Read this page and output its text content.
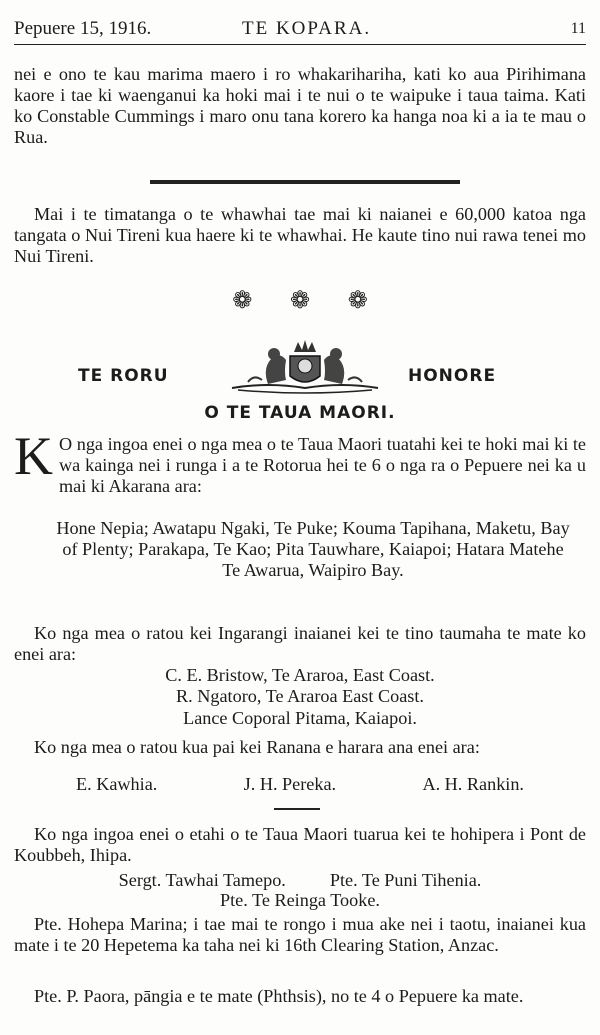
Pepuere 15, 1916.	TE KOPARA.	11
nei e ono te kau marima maero i ro whakarihariha, kati ko aua Pirihimana kaore i tae ki waenganui ka hoki mai i te nui o te waipuke i taua taima. Kati ko Constable Cummings i maro onu tana korero ka hanga noa ki a ia te mau o Rua.
Mai i te timatanga o te whawhai tae mai ki naianei e 60,000 katoa nga tangata o Nui Tireni kua haere ki te whawhai. He kaute tino nui rawa tenei mo Nui Tireni.
❁ ❁ ❁
TE RORU	HONORE
O TE TAUA MAORI.
K O nga ingoa enei o nga mea o te Taua Maori tuatahi kei te hoki mai ki te wa kainga nei i runga i a te Rotorua hei te 6 o nga ra o Pepuere nei ka u mai ki Akarana ara:
Hone Nepia; Awatapu Ngaki, Te Puke; Kouma Tapihana, Maketu, Bay of Plenty; Parakapa, Te Kao; Pita Tauwhare, Kaiapoi; Hatara Matehe Te Awarua, Waipiro Bay.
Ko nga mea o ratou kei Ingarangi inaianei kei te tino taumaha te mate ko enei ara:
C. E. Bristow, Te Araroa, East Coast.
R. Ngatoro, Te Araroa East Coast.
Lance Coporal Pitama, Kaiapoi.
Ko nga mea o ratou kua pai kei Ranana e harara ana enei ara:
E. Kawhia.	J. H. Pereka.	A. H. Rankin.
Ko nga ingoa enei o etahi o te Taua Maori tuarua kei te hohipera i Pont de Koubbeh, Ihipa.
Sergt. Tawhai Tamepo. Pte. Te Puni Tihenia.
Pte. Te Reinga Tooke.
Pte. Hohepa Marina; i tae mai te rongo i mua ake nei i taotu, inaianei kua mate i te 20 Hepetema ka taha nei ki 16th Clearing Station, Anzac.
Pte. P. Paora, pāngia e te mate (Phthsis), no te 4 o Pepuere ka mate.
